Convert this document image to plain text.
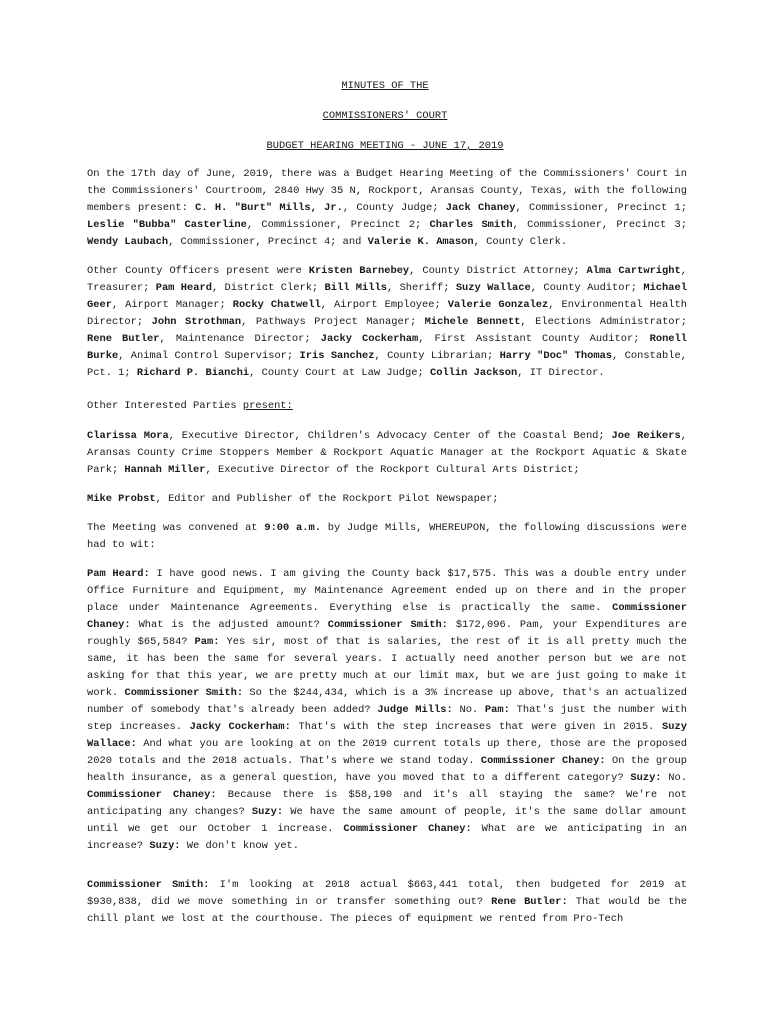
MINUTES OF THE
COMMISSIONERS' COURT
BUDGET HEARING MEETING - JUNE 17, 2019

On the 17th day of June, 2019, there was a Budget Hearing Meeting of the Commissioners' Court in the Commissioners' Courtroom, 2840 Hwy 35 N, Rockport, Aransas County, Texas, with the following members present: C. H. "Burt" Mills, Jr., County Judge; Jack Chaney, Commissioner, Precinct 1; Leslie "Bubba" Casterline, Commissioner, Precinct 2; Charles Smith, Commissioner, Precinct 3; Wendy Laubach, Commissioner, Precinct 4; and Valerie K. Amason, County Clerk.

Other County Officers present were Kristen Barnebey, County District Attorney; Alma Cartwright, Treasurer; Pam Heard, District Clerk; Bill Mills, Sheriff; Suzy Wallace, County Auditor; Michael Geer, Airport Manager; Rocky Chatwell, Airport Employee; Valerie Gonzalez, Environmental Health Director; John Strothman, Pathways Project Manager; Michele Bennett, Elections Administrator; Rene Butler, Maintenance Director; Jacky Cockerham, First Assistant County Auditor; Ronell Burke, Animal Control Supervisor; Iris Sanchez, County Librarian; Harry "Doc" Thomas, Constable, Pct. 1; Richard P. Bianchi, County Court at Law Judge; Collin Jackson, IT Director.

Other Interested Parties present:

Clarissa Mora, Executive Director, Children's Advocacy Center of the Coastal Bend; Joe Reikers, Aransas County Crime Stoppers Member & Rockport Aquatic Manager at the Rockport Aquatic & Skate Park; Hannah Miller, Executive Director of the Rockport Cultural Arts District;

Mike Probst, Editor and Publisher of the Rockport Pilot Newspaper;

The Meeting was convened at 9:00 a.m. by Judge Mills, WHEREUPON, the following discussions were had to wit:

Pam Heard: I have good news. I am giving the County back $17,575. This was a double entry under Office Furniture and Equipment, my Maintenance Agreement ended up on there and in the proper place under Maintenance Agreements. Everything else is practically the same. Commissioner Chaney: What is the adjusted amount? Commissioner Smith: $172,096. Pam, your Expenditures are roughly $65,584? Pam: Yes sir, most of that is salaries, the rest of it is all pretty much the same, it has been the same for several years. I actually need another person but we are not asking for that this year, we are pretty much at our limit max, but we are just going to make it work. Commissioner Smith: So the $244,434, which is a 3% increase up above, that's an actualized number of somebody that's already been added? Judge Mills: No. Pam: That's just the number with step increases. Jacky Cockerham: That's with the step increases that were given in 2015. Suzy Wallace: And what you are looking at on the 2019 current totals up there, those are the proposed 2020 totals and the 2018 actuals. That's where we stand today. Commissioner Chaney: On the group health insurance, as a general question, have you moved that to a different category? Suzy: No. Commissioner Chaney: Because there is $58,190 and it's all staying the same? We're not anticipating any changes? Suzy: We have the same amount of people, it's the same dollar amount until we get our October 1 increase. Commissioner Chaney: What are we anticipating in an increase? Suzy: We don't know yet.

Commissioner Smith: I'm looking at 2018 actual $663,441 total, then budgeted for 2019 at $930,838, did we move something in or transfer something out? Rene Butler: That would be the chill plant we lost at the courthouse. The pieces of equipment we rented from Pro-Tech
